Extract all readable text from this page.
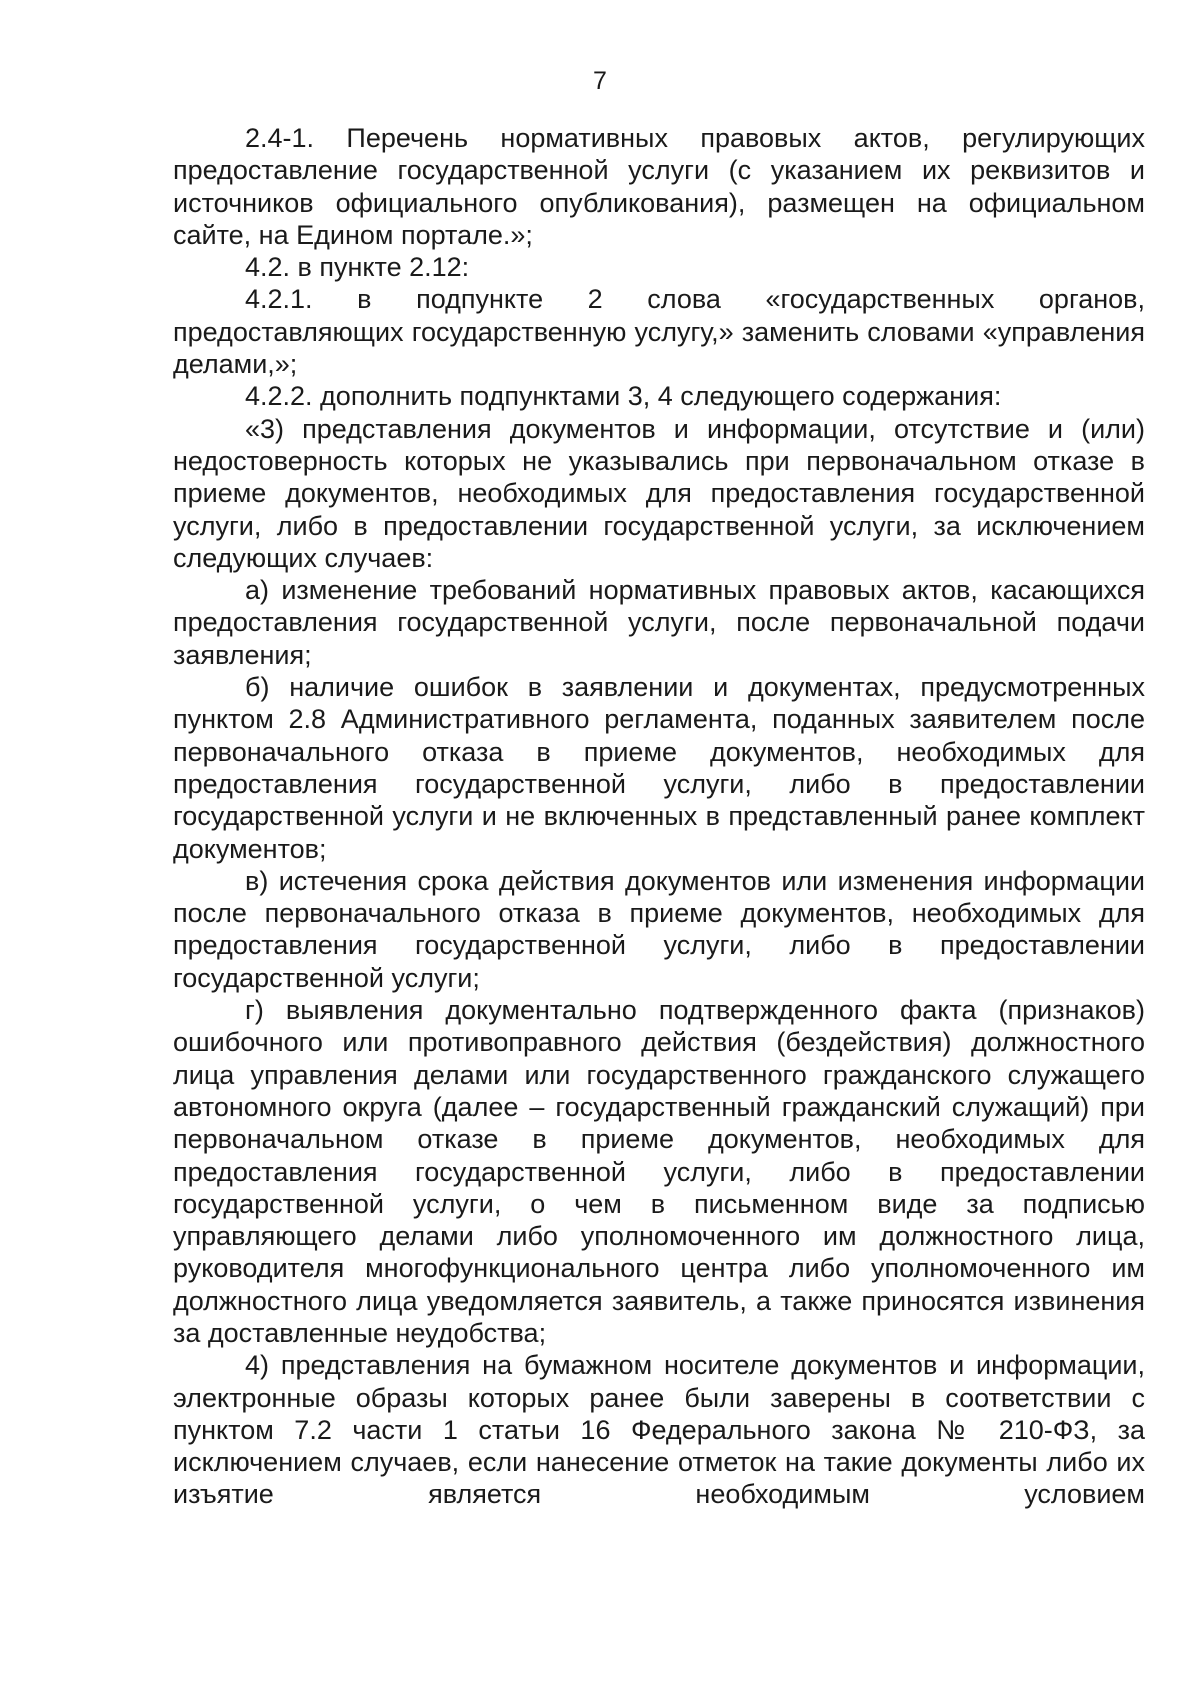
7

2.4-1. Перечень нормативных правовых актов, регулирующих предоставление государственной услуги (с указанием их реквизитов и источников официального опубликования), размещен на официальном сайте, на Едином портале.»;

4.2. в пункте 2.12:

4.2.1. в подпункте 2 слова «государственных органов, предоставляющих государственную услугу,» заменить словами «управления делами,»;

4.2.2. дополнить подпунктами 3, 4 следующего содержания:

«3) представления документов и информации, отсутствие и (или) недостоверность которых не указывались при первоначальном отказе в приеме документов, необходимых для предоставления государственной услуги, либо в предоставлении государственной услуги, за исключением следующих случаев:

а) изменение требований нормативных правовых актов, касающихся предоставления государственной услуги, после первоначальной подачи заявления;

б) наличие ошибок в заявлении и документах, предусмотренных пунктом 2.8 Административного регламента, поданных заявителем после первоначального отказа в приеме документов, необходимых для предоставления государственной услуги, либо в предоставлении государственной услуги и не включенных в представленный ранее комплект документов;

в) истечения срока действия документов или изменения информации после первоначального отказа в приеме документов, необходимых для предоставления государственной услуги, либо в предоставлении государственной услуги;

г) выявления документально подтвержденного факта (признаков) ошибочного или противоправного действия (бездействия) должностного лица управления делами или государственного гражданского служащего автономного округа (далее – государственный гражданский служащий) при первоначальном отказе в приеме документов, необходимых для предоставления государственной услуги, либо в предоставлении государственной услуги, о чем в письменном виде за подписью управляющего делами либо уполномоченного им должностного лица, руководителя многофункционального центра либо уполномоченного им должностного лица уведомляется заявитель, а также приносятся извинения за доставленные неудобства;

4) представления на бумажном носителе документов и информации, электронные образы которых ранее были заверены в соответствии с пунктом 7.2 части 1 статьи 16 Федерального закона № 210-ФЗ, за исключением случаев, если нанесение отметок на такие документы либо их изъятие является необходимым условием
